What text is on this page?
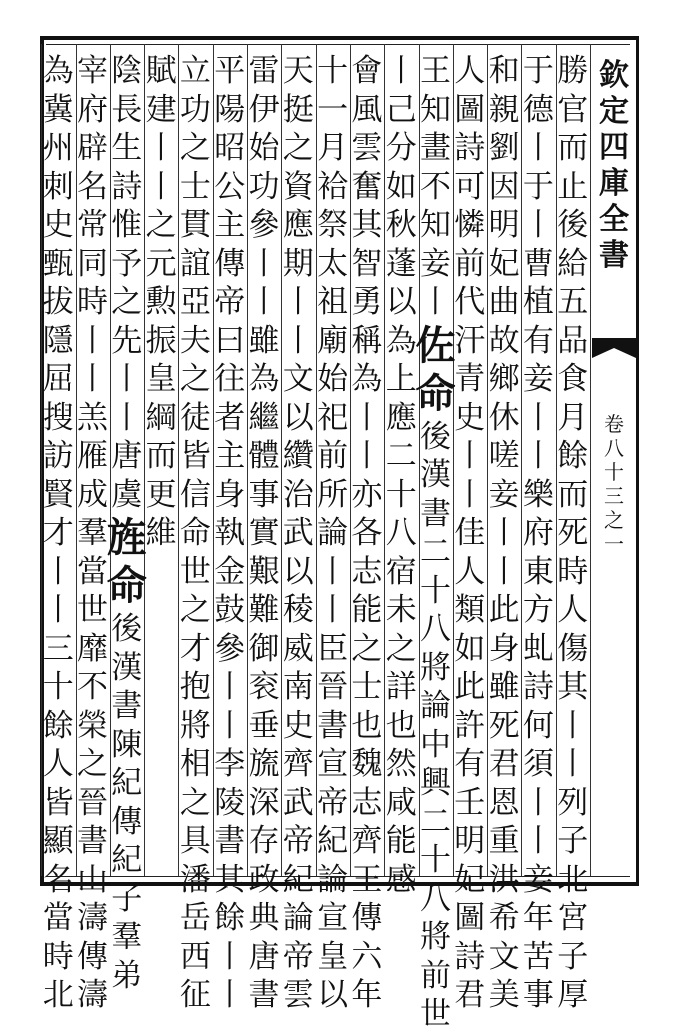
欽定四庫全書
卷八十三之一
勝官而止後給五品食月餘而死時人傷其丨丨列子北宮子厚
于德丨于丨曹植有妾丨丨樂府東方虬詩何須丨丨妾年苦事
和親劉因明妃曲故鄉休嗟妾丨丨此身雖死君恩重洪希文美
人圖詩可憐前代汗青史丨丨佳人類如此許有壬明妃圖詩君
王知畫不知妾丨
佐命
後漢書二十八將論中興二十八將前世
丨己分如秋蓬以為上應二十八宿未之詳也然咸能感
會風雲奮其智勇稱為丨丨亦各志能之士也魏志齊王傳六年
十一月袷祭太祖廟始祀前所論丨丨臣晉書宣帝紀論宣皇以
天挺之資應期丨丨文以纘治武以稜威南史齊武帝紀論帝雲
雷伊始功參丨丨雖為繼體事實艱難御衮垂旒深存政典唐書
平陽昭公主傳帝曰往者主身執金鼓參丨丨李陵書其餘丨丨
立功之士貫誼亞夫之徒皆信命世之才抱將相之具潘岳西征
賦建丨丨之元勲振皇綱而更維
陰長生詩惟予之先丨丨唐虞
旌命
後漢書陳紀傳紀子羣弟
宰府辟名常同時丨丨羔雁成羣當世靡不榮之晉書山濤傳濤
為冀州刺史甄拔隱屈搜訪賢才丨丨三十餘人皆顯名當時北
